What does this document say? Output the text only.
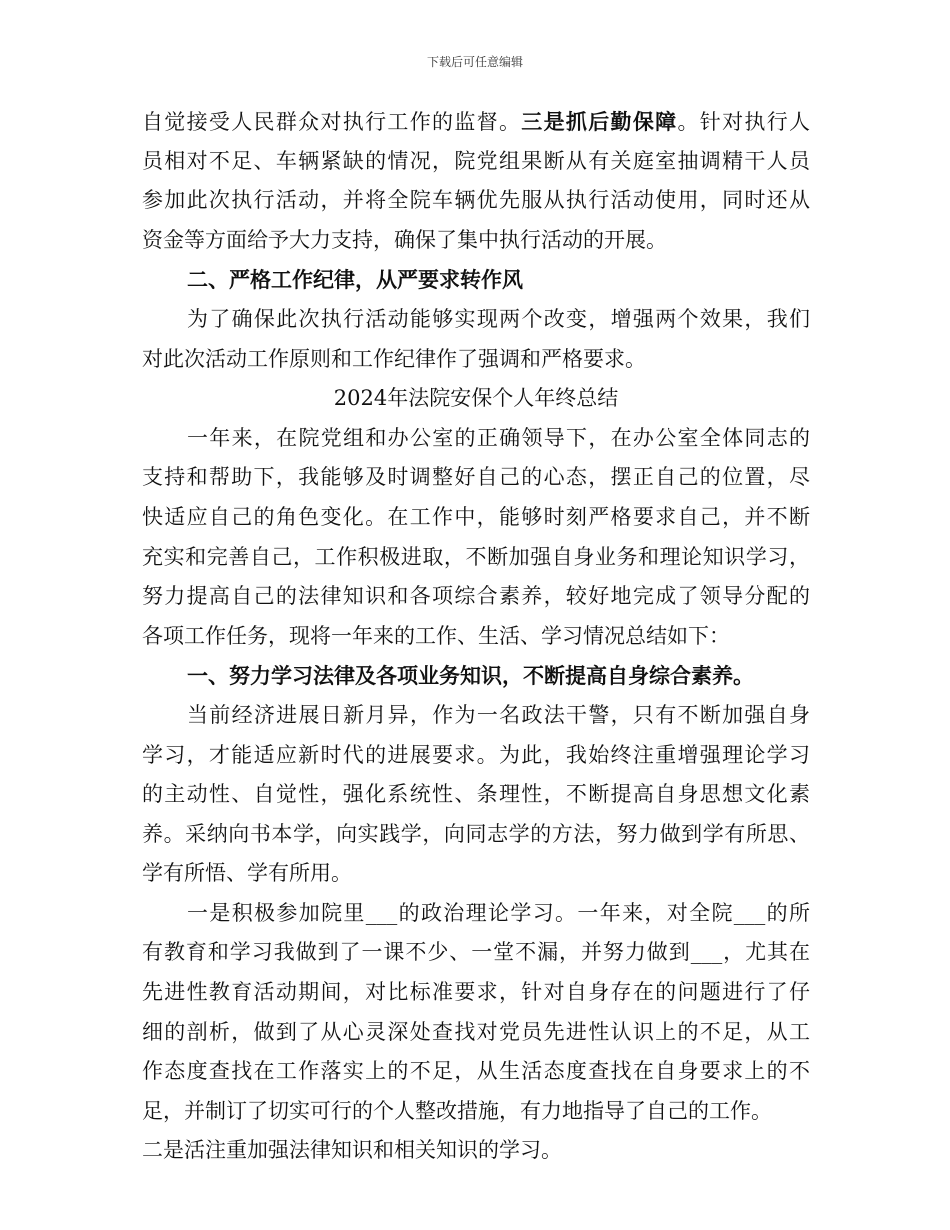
下载后可任意编辑
自觉接受人民群众对执行工作的监督。三是抓后勤保障。针对执行人
员相对不足、车辆紧缺的情况，院党组果断从有关庭室抽调精干人员
参加此次执行活动，并将全院车辆优先服从执行活动使用，同时还从
资金等方面给予大力支持，确保了集中执行活动的开展。
二、严格工作纪律，从严要求转作风
为了确保此次执行活动能够实现两个改变，增强两个效果，我们
对此次活动工作原则和工作纪律作了强调和严格要求。
2024年法院安保个人年终总结
一年来，在院党组和办公室的正确领导下，在办公室全体同志的
支持和帮助下，我能够及时调整好自己的心态，摆正自己的位置，尽
快适应自己的角色变化。在工作中，能够时刻严格要求自己，并不断
充实和完善自己，工作积极进取，不断加强自身业务和理论知识学习，
努力提高自己的法律知识和各项综合素养，较好地完成了领导分配的
各项工作任务，现将一年来的工作、生活、学习情况总结如下：
一、努力学习法律及各项业务知识，不断提高自身综合素养。
当前经济进展日新月异，作为一名政法干警，只有不断加强自身
学习，才能适应新时代的进展要求。为此，我始终注重增强理论学习
的主动性、自觉性，强化系统性、条理性，不断提高自身思想文化素
养。采纳向书本学，向实践学，向同志学的方法，努力做到学有所思、
学有所悟、学有所用。
一是积极参加院里___的政治理论学习。一年来，对全院___的所
有教育和学习我做到了一课不少、一堂不漏，并努力做到___，尤其在
先进性教育活动期间，对比标准要求，针对自身存在的问题进行了仔
细的剖析，做到了从心灵深处查找对党员先进性认识上的不足，从工
作态度查找在工作落实上的不足，从生活态度查找在自身要求上的不
足，并制订了切实可行的个人整改措施，有力地指导了自己的工作。
二是活注重加强法律知识和相关知识的学习。
